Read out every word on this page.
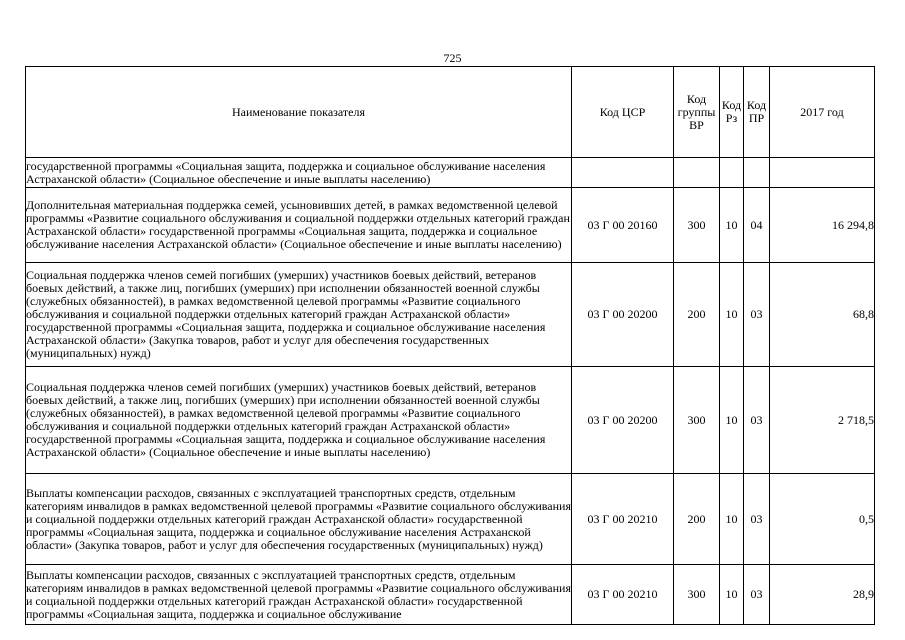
725
Наименование показателя	Код ЦСР	Код группы ВР	Код Рз	Код ПР	2017 год
государственной программы «Социальная защита, поддержка и социальное обслуживание населения Астраханской области» (Социальное обеспечение и иные выплаты населению)					
Дополнительная материальная поддержка семей, усыновивших детей, в рамках ведомственной целевой программы «Развитие социального обслуживания и социальной поддержки отдельных категорий граждан Астраханской области» государственной программы «Социальная защита, поддержка и социальное обслуживание населения Астраханской области» (Социальное обеспечение и иные выплаты населению)	03 Г 00 20160	300	10	04	16 294,8
Социальная поддержка членов семей погибших (умерших) участников боевых действий, ветеранов боевых действий, а также лиц, погибших (умерших) при исполнении обязанностей военной службы (служебных обязанностей), в рамках ведомственной целевой программы «Развитие социального обслуживания и социальной поддержки отдельных категорий граждан Астраханской области» государственной программы «Социальная защита, поддержка и социальное обслуживание населения Астраханской области» (Закупка товаров, работ и услуг для обеспечения государственных (муниципальных) нужд)	03 Г 00 20200	200	10	03	68,8
Социальная поддержка членов семей погибших (умерших) участников боевых действий, ветеранов боевых действий, а также лиц, погибших (умерших) при исполнении обязанностей военной службы (служебных обязанностей), в рамках ведомственной целевой программы «Развитие социального обслуживания и социальной поддержки отдельных категорий граждан Астраханской области» государственной программы «Социальная защита, поддержка и социальное обслуживание населения Астраханской области» (Социальное обеспечение и иные выплаты населению)	03 Г 00 20200	300	10	03	2 718,5
Выплаты компенсации расходов, связанных с эксплуатацией транспортных средств, отдельным категориям инвалидов в рамках ведомственной целевой программы «Развитие социального обслуживания и социальной поддержки отдельных категорий граждан Астраханской области» государственной программы «Социальная защита, поддержка и социальное обслуживание населения Астраханской области» (Закупка товаров, работ и услуг для обеспечения государственных (муниципальных) нужд)	03 Г 00 20210	200	10	03	0,5
Выплаты компенсации расходов, связанных с эксплуатацией транспортных средств, отдельным категориям инвалидов в рамках ведомственной целевой программы «Развитие социального обслуживания и социальной поддержки отдельных категорий граждан Астраханской области» государственной программы «Социальная защита, поддержка и социальное обслуживание	03 Г 00 20210	300	10	03	28,9
